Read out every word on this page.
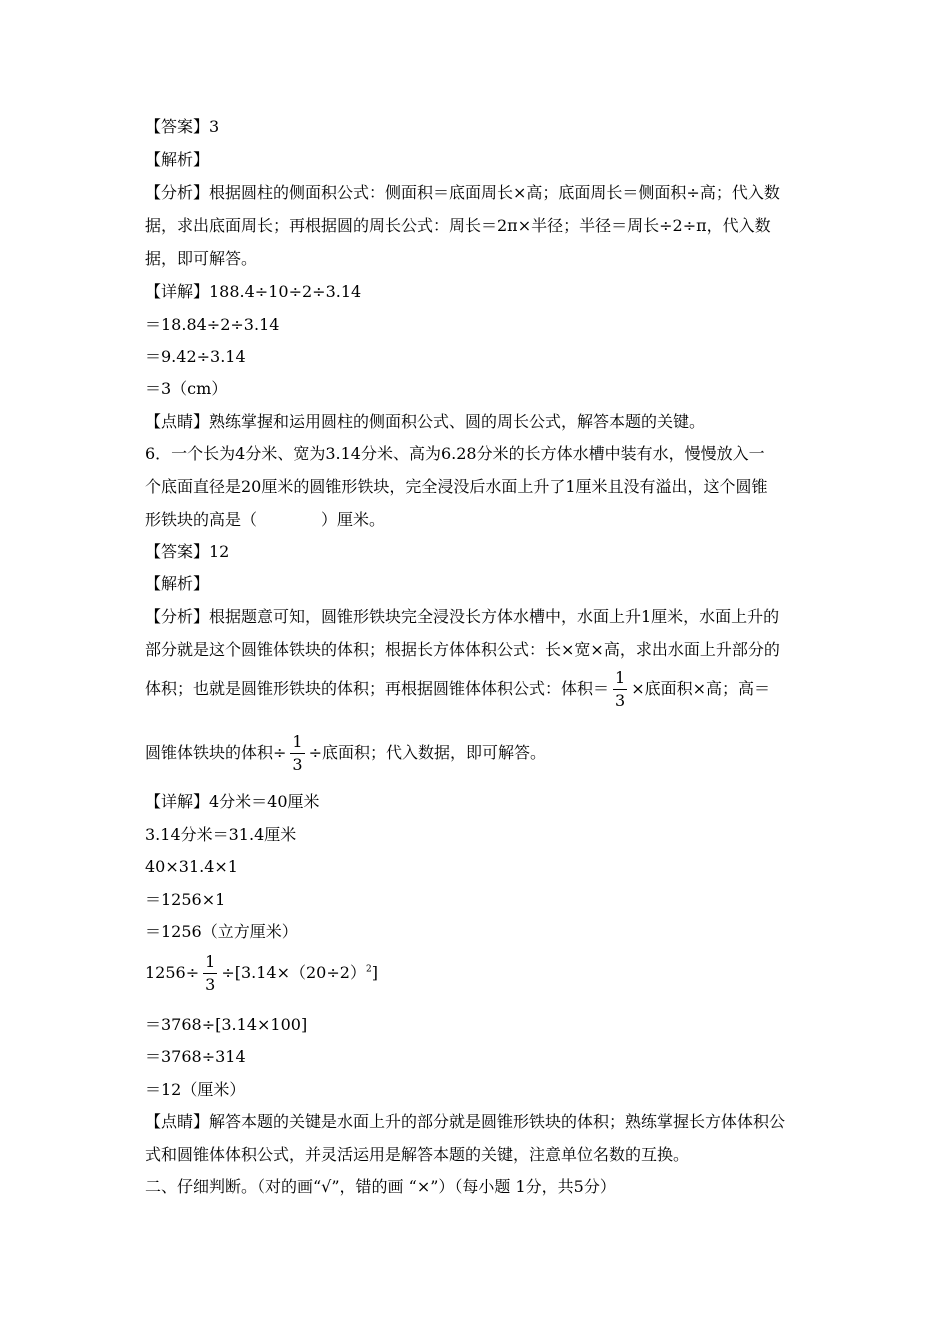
【答案】3
【解析】
【分析】根据圆柱的侧面积公式：侧面积＝底面周长×高；底面周长＝侧面积÷高；代入数
据，求出底面周长；再根据圆的周长公式：周长＝2π×半径；半径＝周长÷2÷π，代入数
据，即可解答。
【详解】188.4÷10÷2÷3.14
＝18.84÷2÷3.14
＝9.42÷3.14
＝3（cm）
【点睛】熟练掌握和运用圆柱的侧面积公式、圆的周长公式，解答本题的关键。
6．一个长为4分米、宽为3.14分米、高为6.28分米的长方体水槽中装有水，慢慢放入一
个底面直径是20厘米的圆锥形铁块，完全浸没后水面上升了1厘米且没有溢出，这个圆锥
形铁块的高是（　　　　）厘米。
【答案】12
【解析】
【分析】根据题意可知，圆锥形铁块完全浸没长方体水槽中，水面上升1厘米，水面上升的
部分就是这个圆锥体铁块的体积；根据长方体体积公式：长×宽×高，求出水面上升部分的
体积；也就是圆锥形铁块的体积；再根据圆锥体体积公式：体积＝ $\frac{1}{3}$ ×底面积×高；高＝
圆锥体铁块的体积÷ $\frac{1}{3}$ ÷底面积；代入数据，即可解答。
【详解】4分米＝40厘米
3.14分米＝31.4厘米
40×31.4×1
＝1256×1
＝1256（立方厘米）
$1256\div \frac{1}{3} \div[3.14\times(20\div 2)^2]$
＝3768÷[3.14×100]
＝3768÷314
＝12（厘米）
【点睛】解答本题的关键是水面上升的部分就是圆锥形铁块的体积；熟练掌握长方体体积公
式和圆锥体体积公式，并灵活运用是解答本题的关键，注意单位名数的互换。
二、仔细判断。（对的画“√”，错的画 “×”）（每小题 1分，共5分）
